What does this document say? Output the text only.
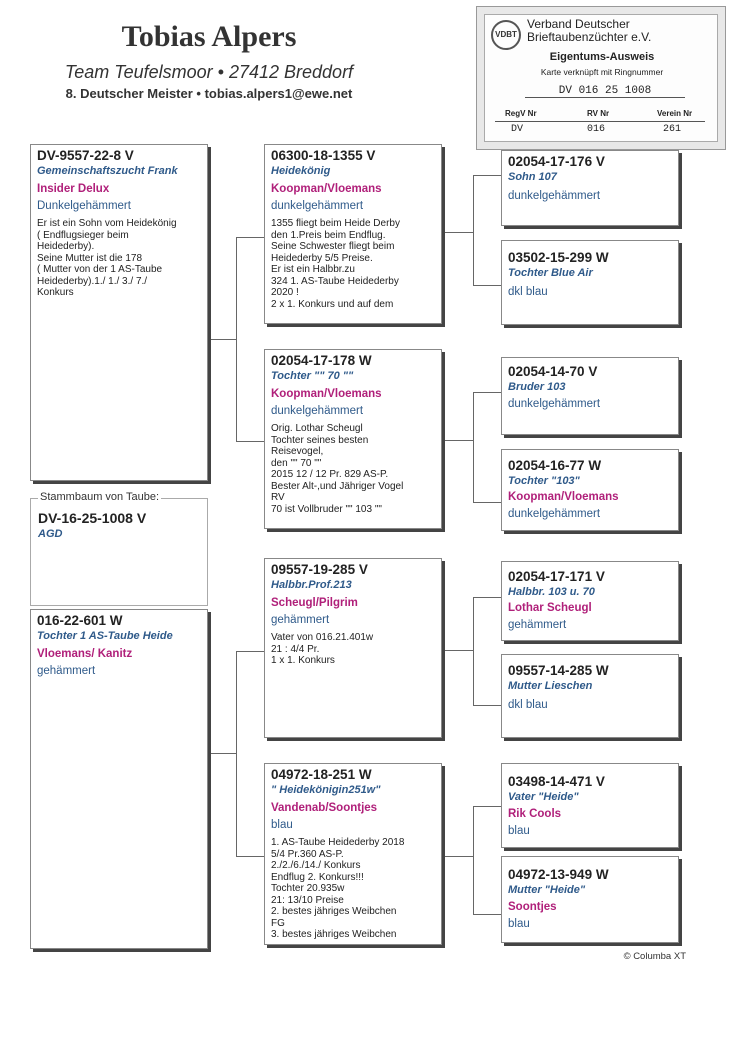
Tobias Alpers
Team Teufelsmoor • 27412 Breddorf
8. Deutscher Meister • tobias.alpers1@ewe.net
VDBT
Verband Deutscher
Brieftaubenzüchter e.V.
Eigentums-Ausweis
Karte verknüpft mit Ringnummer
DV 016 25 1008
RegV Nr	RV Nr	Verein Nr
DV	016	261
Stammbaum von Taube:
DV-16-25-1008 V
AGD
DV-9557-22-8 V
Gemeinschaftszucht Frank
Insider Delux
Dunkelgehämmert
Er ist ein Sohn vom Heidekönig
( Endflugsieger beim
Heidederby).
Seine Mutter ist die 178
( Mutter von der 1 AS-Taube
Heidederby).1./ 1./ 3./ 7./
Konkurs
016-22-601 W
Tochter 1 AS-Taube Heide
Vloemans/ Kanitz
gehämmert
06300-18-1355 V
Heidekönig
Koopman/Vloemans
dunkelgehämmert
1355 fliegt beim Heide Derby
den 1.Preis beim Endflug.
Seine Schwester fliegt beim
Heidederby 5/5 Preise.
Er ist ein Halbbr.zu
324 1. AS-Taube Heidederby
2020 !
2 x 1. Konkurs und auf dem
02054-17-178 W
Tochter "" 70 ""
Koopman/Vloemans
dunkelgehämmert
Orig. Lothar Scheugl
Tochter seines besten
Reisevogel,
den "" 70 ""
2015 12 / 12 Pr. 829 AS-P.
Bester Alt-,und Jähriger Vogel
RV
70 ist Vollbruder "" 103 ""
09557-19-285 V
Halbbr.Prof.213
Scheugl/Pilgrim
gehämmert
Vater von 016.21.401w
21 : 4/4 Pr.
1 x 1. Konkurs
04972-18-251 W
" Heidekönigin251w"
Vandenab/Soontjes
blau
1. AS-Taube Heidederby 2018
5/4 Pr.360 AS-P.
2./2./6./14./ Konkurs
Endflug 2. Konkurs!!!
Tochter 20.935w
21: 13/10 Preise
2. bestes jähriges Weibchen
FG
3. bestes jähriges Weibchen
02054-17-176 V
Sohn 107
dunkelgehämmert
03502-15-299 W
Tochter Blue Air
dkl blau
02054-14-70 V
Bruder 103
dunkelgehämmert
02054-16-77 W
Tochter "103"
Koopman/Vloemans
dunkelgehämmert
02054-17-171 V
Halbbr. 103 u. 70
Lothar Scheugl
gehämmert
09557-14-285 W
Mutter Lieschen
dkl blau
03498-14-471 V
Vater "Heide"
Rik Cools
blau
04972-13-949 W
Mutter "Heide"
Soontjes
blau
© Columba XT
